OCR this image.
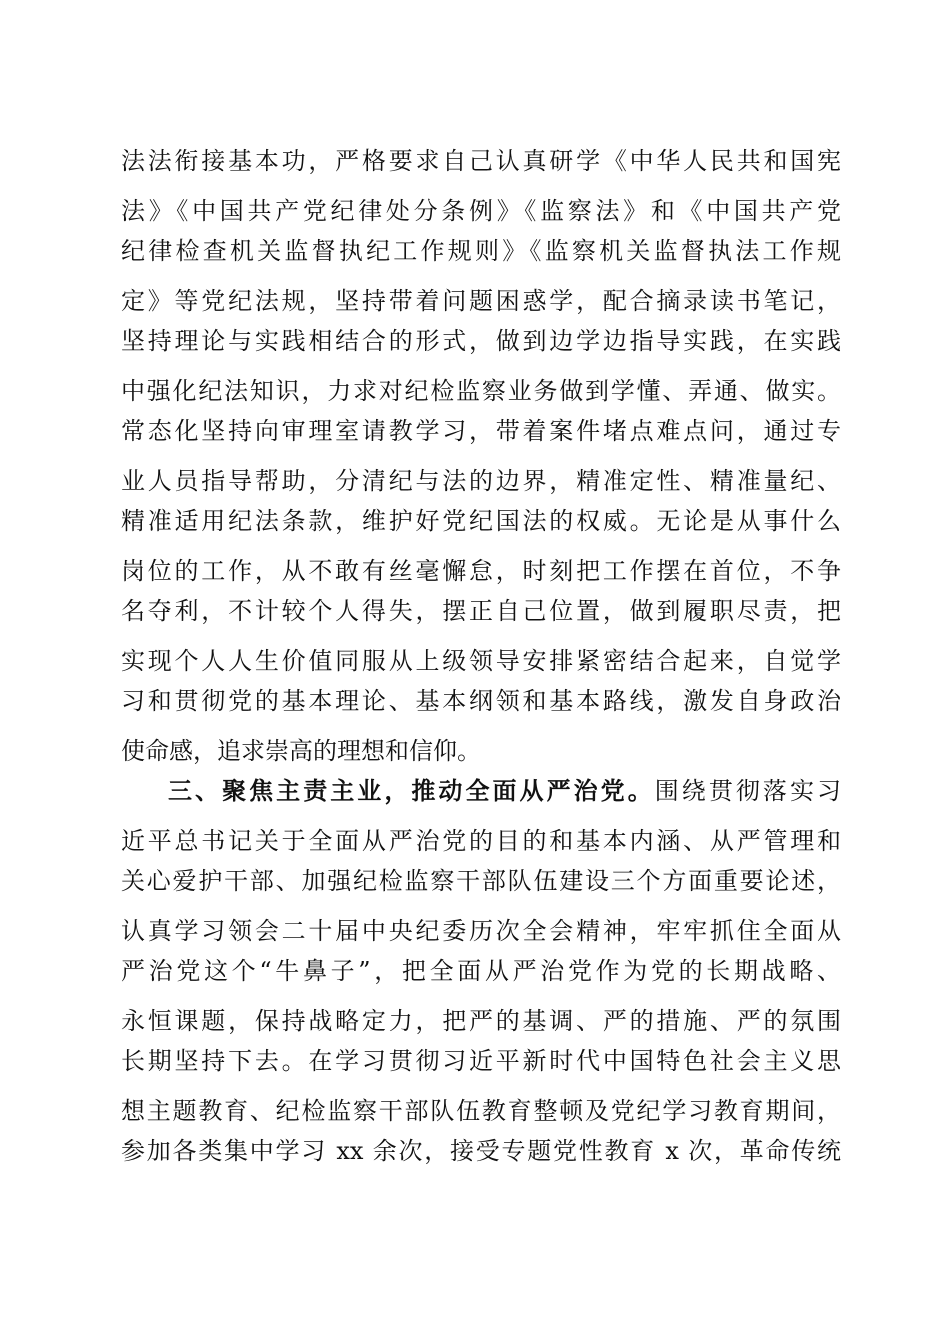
法法衔接基本功，严格要求自己认真研学《中华人民共和国宪
法》《中国共产党纪律处分条例》《监察法》和《中国共产党
纪律检查机关监督执纪工作规则》《监察机关监督执法工作规
定》等党纪法规，坚持带着问题困惑学，配合摘录读书笔记，
坚持理论与实践相结合的形式，做到边学边指导实践，在实践
中强化纪法知识，力求对纪检监察业务做到学懂、弄通、做实。
常态化坚持向审理室请教学习，带着案件堵点难点问，通过专
业人员指导帮助，分清纪与法的边界，精准定性、精准量纪、
精准适用纪法条款，维护好党纪国法的权威。无论是从事什么
岗位的工作，从不敢有丝毫懈怠，时刻把工作摆在首位，不争
名夺利，不计较个人得失，摆正自己位置，做到履职尽责，把
实现个人人生价值同服从上级领导安排紧密结合起来，自觉学
习和贯彻党的基本理论、基本纲领和基本路线，激发自身政治
使命感，追求崇高的理想和信仰。
三、聚焦主责主业，推动全面从严治党。围绕贯彻落实习
近平总书记关于全面从严治党的目的和基本内涵、从严管理和
关心爱护干部、加强纪检监察干部队伍建设三个方面重要论述，
认真学习领会二十届中央纪委历次全会精神，牢牢抓住全面从
严治党这个“牛鼻子”，把全面从严治党作为党的长期战略、
永恒课题，保持战略定力，把严的基调、严的措施、严的氛围
长期坚持下去。在学习贯彻习近平新时代中国特色社会主义思
想主题教育、纪检监察干部队伍教育整顿及党纪学习教育期间，
参加各类集中学习 xx 余次，接受专题党性教育 x 次，革命传统
